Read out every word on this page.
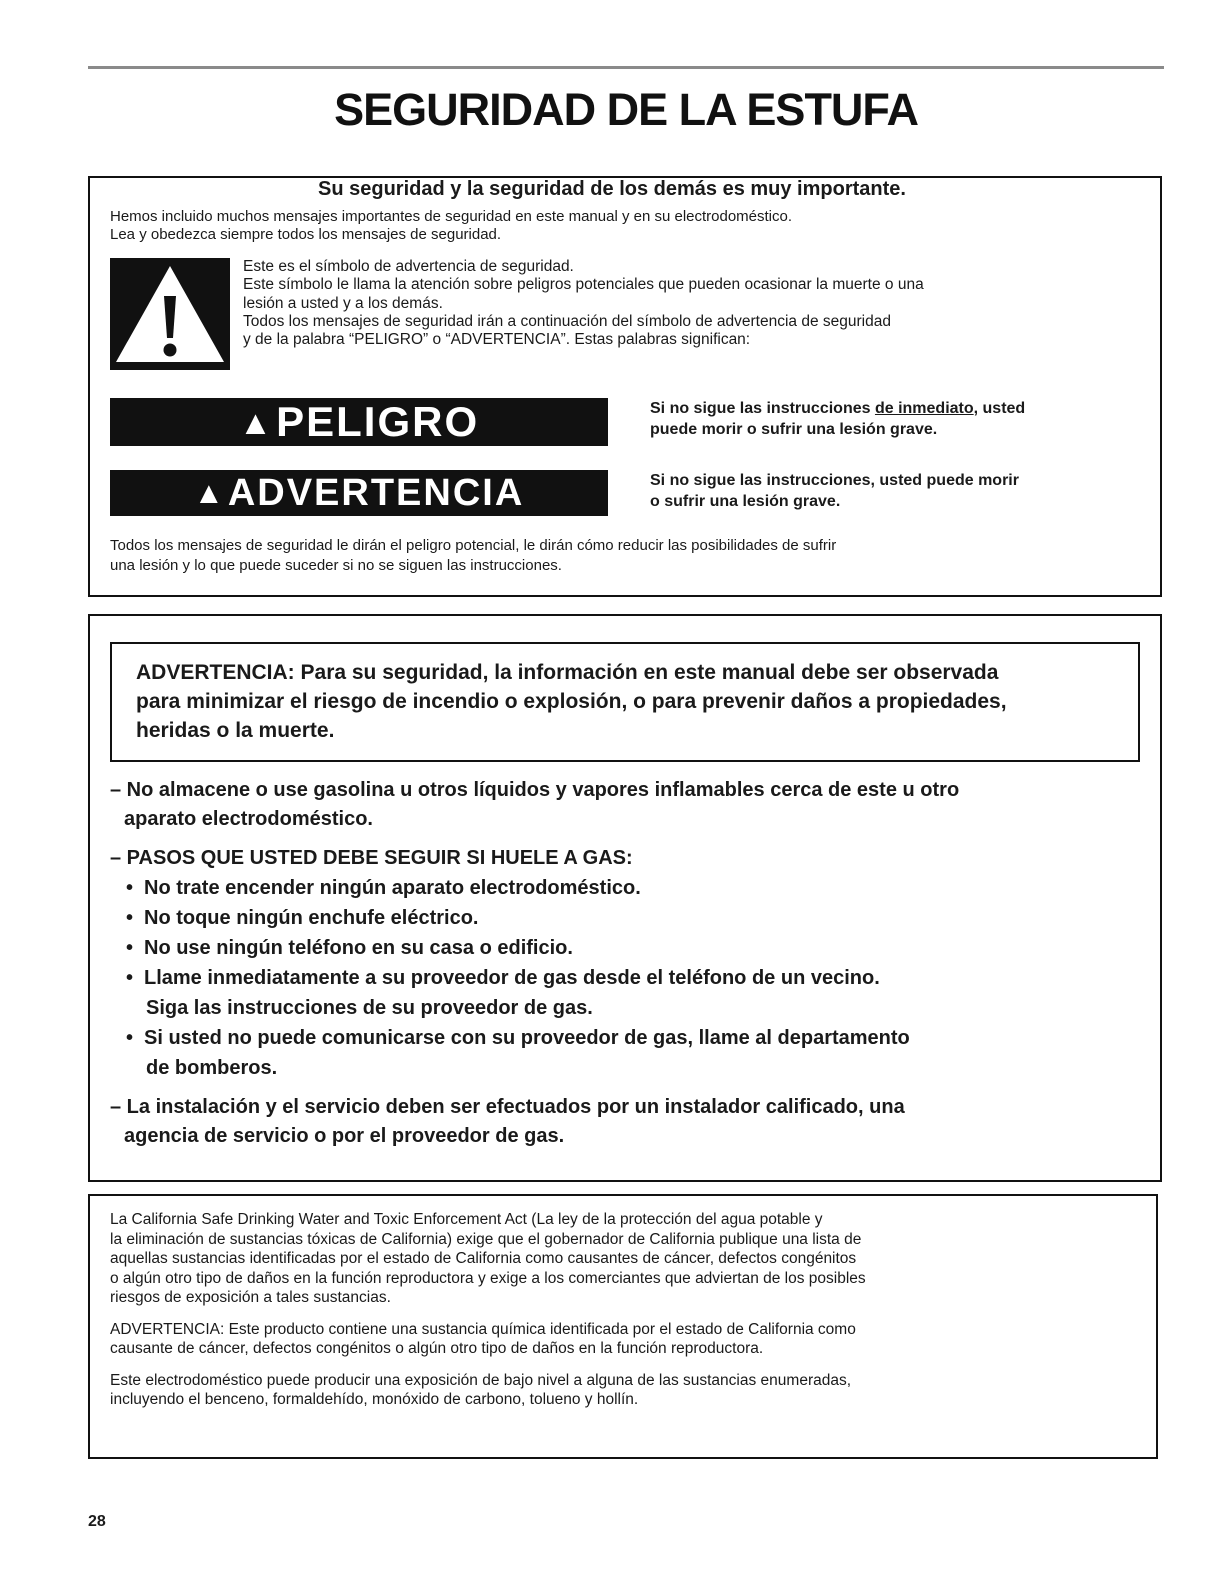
SEGURIDAD DE LA ESTUFA
Su seguridad y la seguridad de los demás es muy importante.
Hemos incluido muchos mensajes importantes de seguridad en este manual y en su electrodoméstico.
Lea y obedezca siempre todos los mensajes de seguridad.
Este es el símbolo de advertencia de seguridad.
Este símbolo le llama la atención sobre peligros potenciales que pueden ocasionar la muerte o una
lesión a usted y a los demás.
Todos los mensajes de seguridad irán a continuación del símbolo de advertencia de seguridad
y de la palabra “PELIGRO” o “ADVERTENCIA”. Estas palabras significan:
▲PELIGRO	Si no sigue las instrucciones de inmediato, usted
puede morir o sufrir una lesión grave.
▲ADVERTENCIA	Si no sigue las instrucciones, usted puede morir
o sufrir una lesión grave.
Todos los mensajes de seguridad le dirán el peligro potencial, le dirán cómo reducir las posibilidades de sufrir
una lesión y lo que puede suceder si no se siguen las instrucciones.
ADVERTENCIA: Para su seguridad, la información en este manual debe ser observada
para minimizar el riesgo de incendio o explosión, o para prevenir daños a propiedades,
heridas o la muerte.
– No almacene o use gasolina u otros líquidos y vapores inflamables cerca de este u otro
aparato electrodoméstico.
– PASOS QUE USTED DEBE SEGUIR SI HUELE A GAS:
• No trate encender ningún aparato electrodoméstico.
• No toque ningún enchufe eléctrico.
• No use ningún teléfono en su casa o edificio.
• Llame inmediatamente a su proveedor de gas desde el teléfono de un vecino.
Siga las instrucciones de su proveedor de gas.
• Si usted no puede comunicarse con su proveedor de gas, llame al departamento
de bomberos.
– La instalación y el servicio deben ser efectuados por un instalador calificado, una
agencia de servicio o por el proveedor de gas.
La California Safe Drinking Water and Toxic Enforcement Act (La ley de la protección del agua potable y
la eliminación de sustancias tóxicas de California) exige que el gobernador de California publique una lista de
aquellas sustancias identificadas por el estado de California como causantes de cáncer, defectos congénitos
o algún otro tipo de daños en la función reproductora y exige a los comerciantes que adviertan de los posibles
riesgos de exposición a tales sustancias.
ADVERTENCIA: Este producto contiene una sustancia química identificada por el estado de California como
causante de cáncer, defectos congénitos o algún otro tipo de daños en la función reproductora.
Este electrodoméstico puede producir una exposición de bajo nivel a alguna de las sustancias enumeradas,
incluyendo el benceno, formaldehído, monóxido de carbono, tolueno y hollín.
28
